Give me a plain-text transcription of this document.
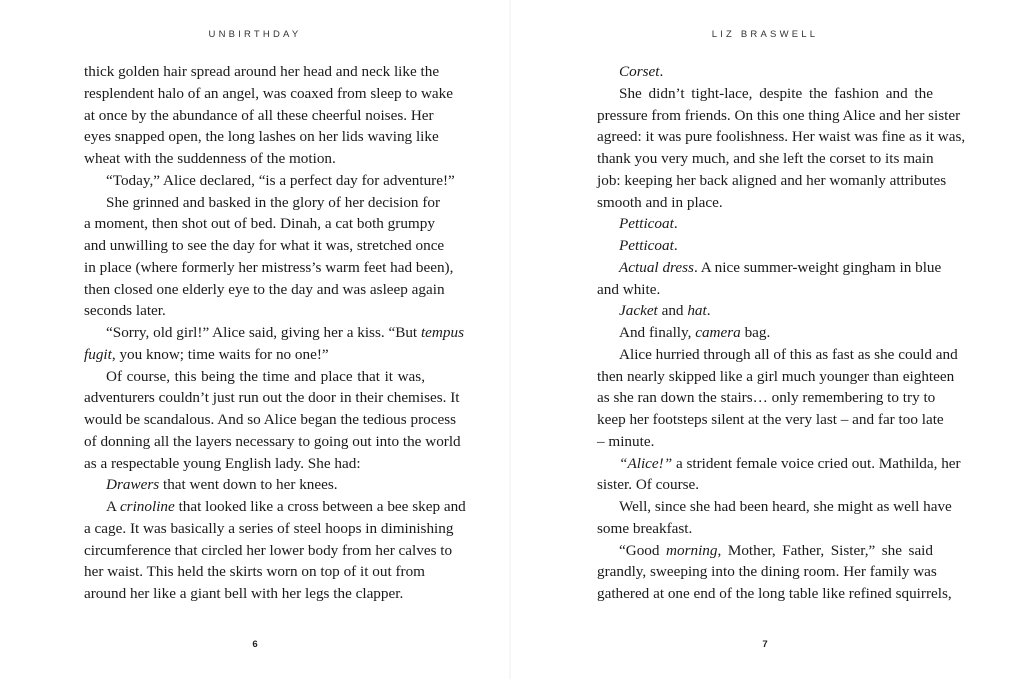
UNBIRTHDAY
thick golden hair spread around her head and neck like the
resplendent halo of an angel, was coaxed from sleep to wake
at once by the abundance of all these cheerful noises. Her
eyes snapped open, the long lashes on her lids waving like
wheat with the suddenness of the motion.
“Today,” Alice declared, “is a perfect day for adventure!”
She grinned and basked in the glory of her decision for
a moment, then shot out of bed. Dinah, a cat both grumpy
and unwilling to see the day for what it was, stretched once
in place (where formerly her mistress’s warm feet had been),
then closed one elderly eye to the day and was asleep again
seconds later.
“Sorry, old girl!” Alice said, giving her a kiss. “But tempus
fugit, you know; time waits for no one!”
Of course, this being the time and place that it was,
adventurers couldn’t just run out the door in their chemises. It
would be scandalous. And so Alice began the tedious process
of donning all the layers necessary to going out into the world
as a respectable young English lady. She had:
Drawers that went down to her knees.
A crinoline that looked like a cross between a bee skep and
a cage. It was basically a series of steel hoops in diminishing
circumference that circled her lower body from her calves to
her waist. This held the skirts worn on top of it out from
around her like a giant bell with her legs the clapper.
6
LIZ BRASWELL
Corset.
She didn’t tight-lace, despite the fashion and the
pressure from friends. On this one thing Alice and her sister
agreed: it was pure foolishness. Her waist was fine as it was,
thank you very much, and she left the corset to its main
job: keeping her back aligned and her womanly attributes
smooth and in place.
Petticoat.
Petticoat.
Actual dress. A nice summer-weight gingham in blue
and white.
Jacket and hat.
And finally, camera bag.
Alice hurried through all of this as fast as she could and
then nearly skipped like a girl much younger than eighteen
as she ran down the stairs… only remembering to try to
keep her footsteps silent at the very last – and far too late
– minute.
“Alice!” a strident female voice cried out. Mathilda, her
sister. Of course.
Well, since she had been heard, she might as well have
some breakfast.
“Good morning, Mother, Father, Sister,” she said
grandly, sweeping into the dining room. Her family was
gathered at one end of the long table like refined squirrels,
7
